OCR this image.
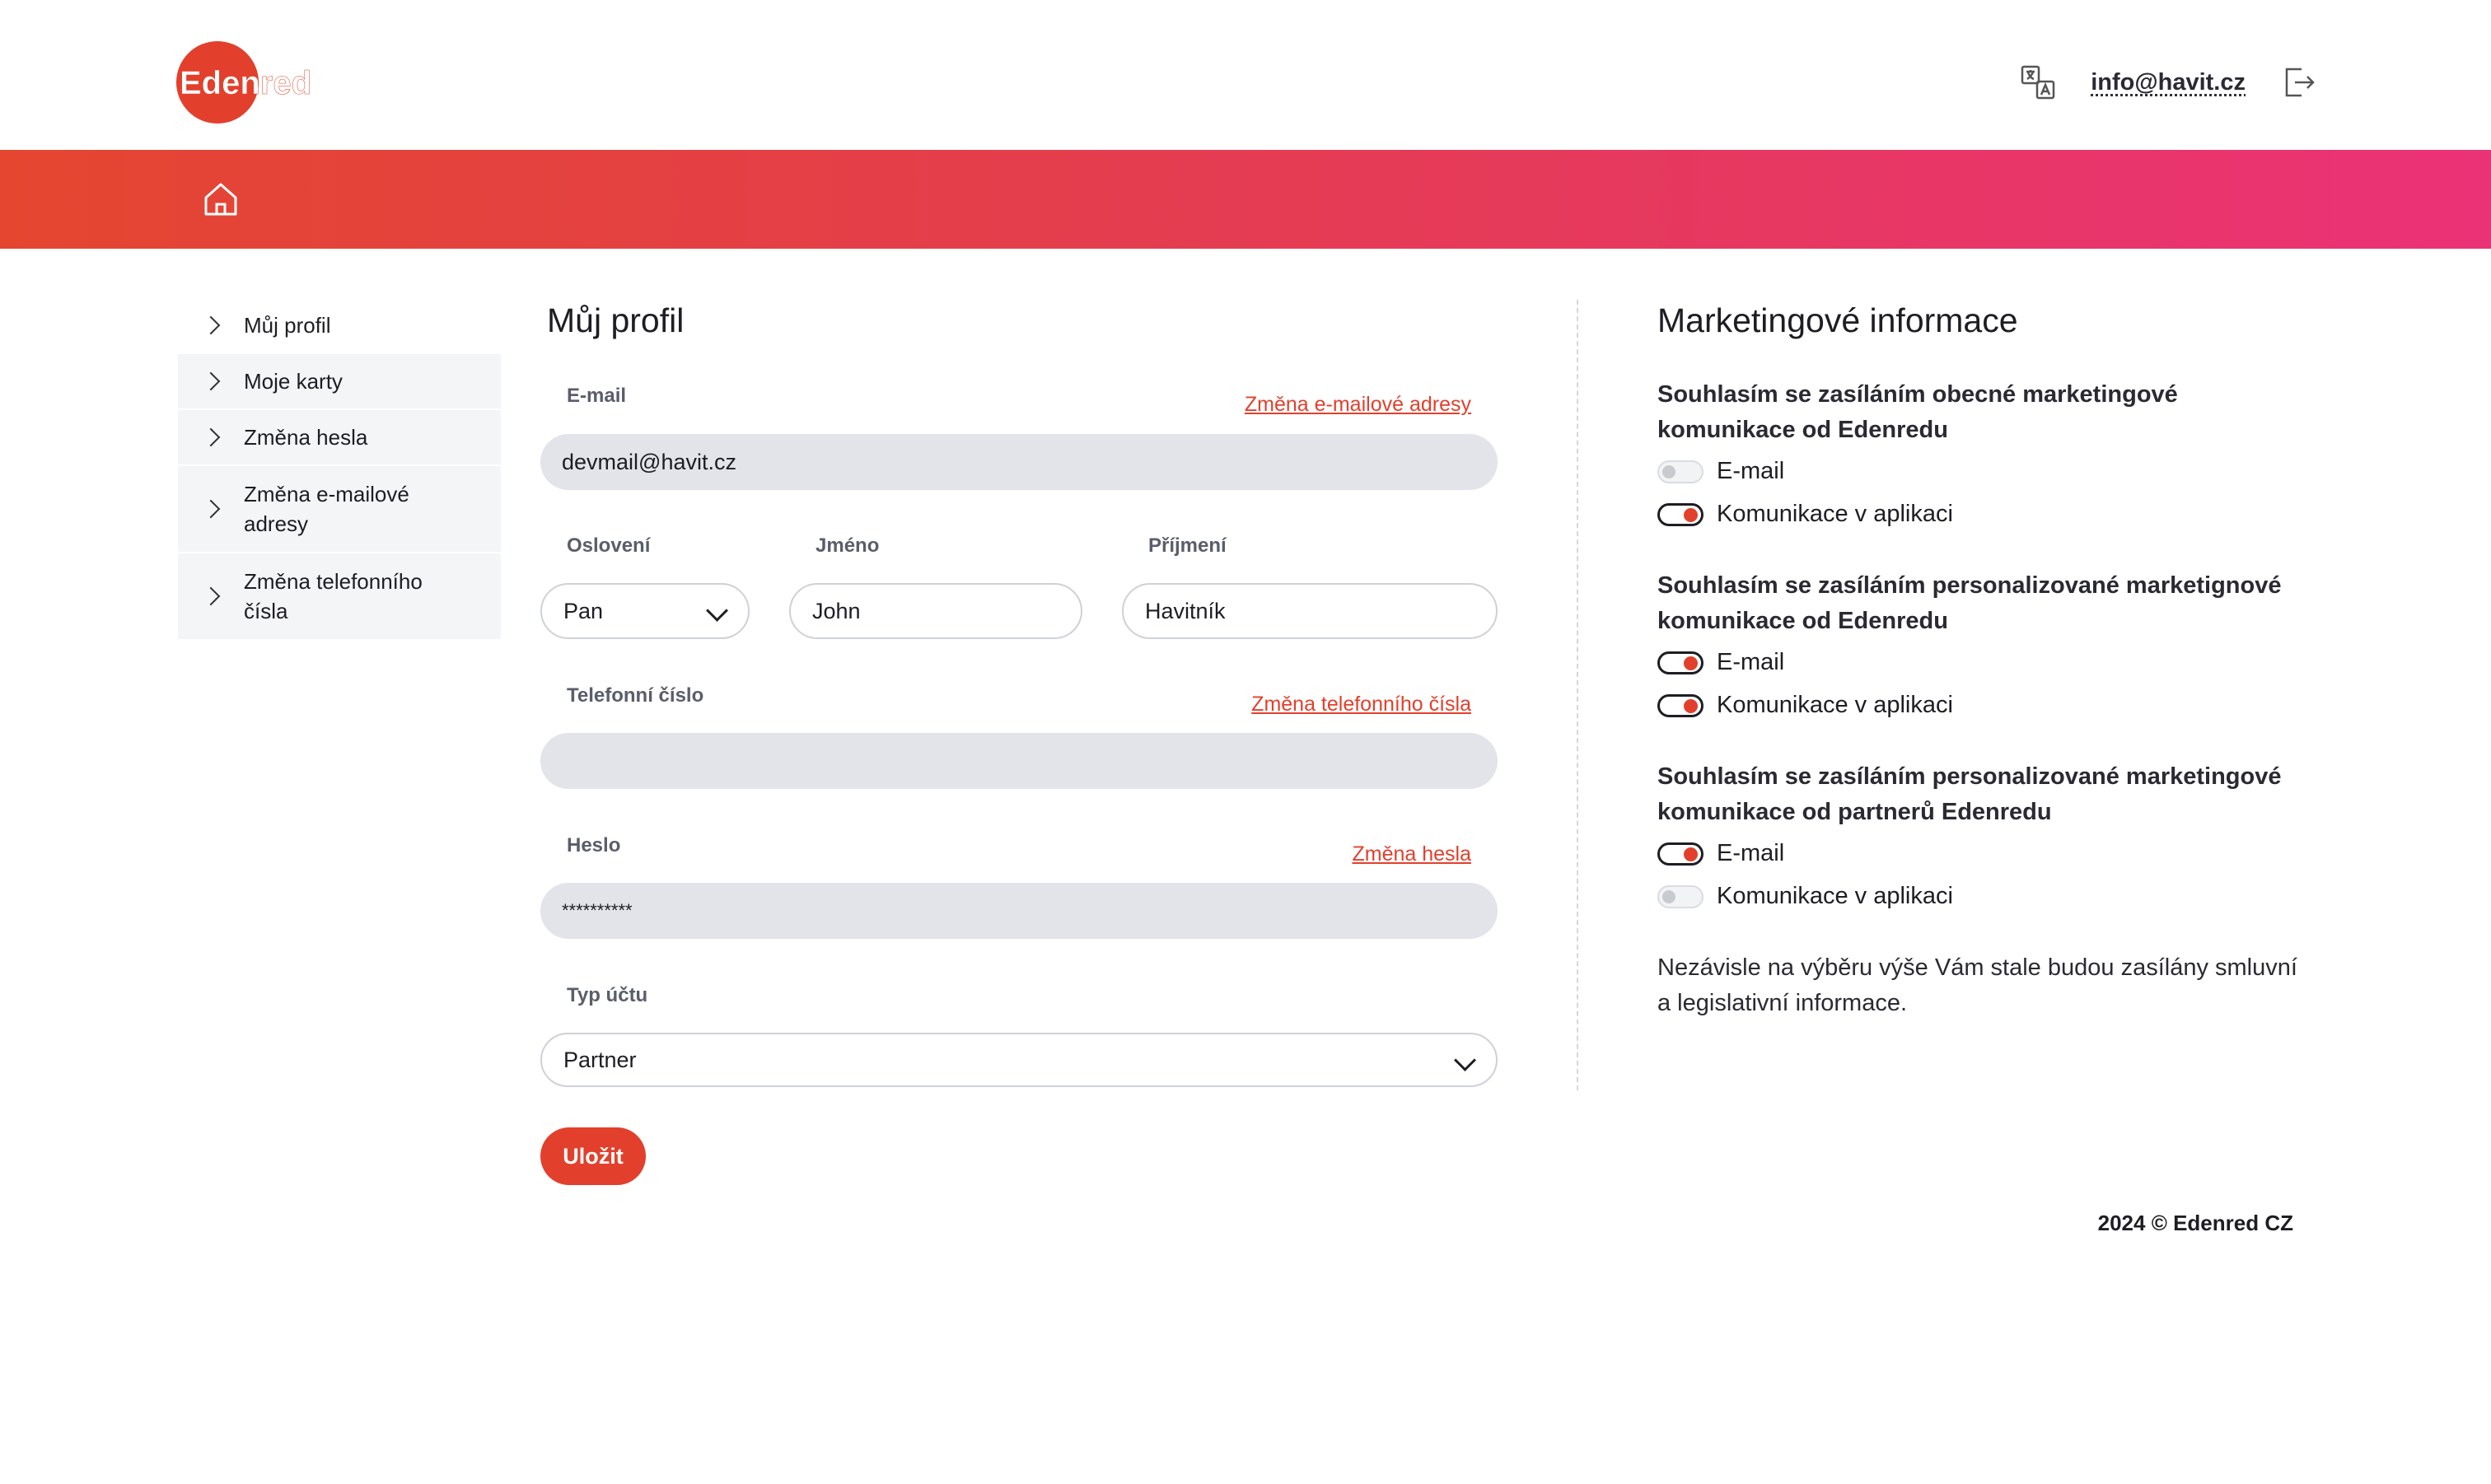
Edenred	info@havit.cz
Můj profil
Moje karty
Změna hesla
Změna e-mailové adresy
Změna telefonního čísla
Můj profil
E-mail	Změna e-mailové adresy
devmail@havit.cz
Oslovení	Jméno	Příjmení
Pan	John	Havitník
Telefonní číslo	Změna telefonního čísla
Heslo	Změna hesla
**********
Typ účtu
Partner
Uložit
Marketingové informace
Souhlasím se zasíláním obecné marketingové komunikace od Edenredu
E-mail
Komunikace v aplikaci
Souhlasím se zasíláním personalizované marketignové komunikace od Edenredu
E-mail
Komunikace v aplikaci
Souhlasím se zasíláním personalizované marketingové komunikace od partnerů Edenredu
E-mail
Komunikace v aplikaci
Nezávisle na výběru výše Vám stale budou zasílány smluvní a legislativní informace.
2024 © Edenred CZ
